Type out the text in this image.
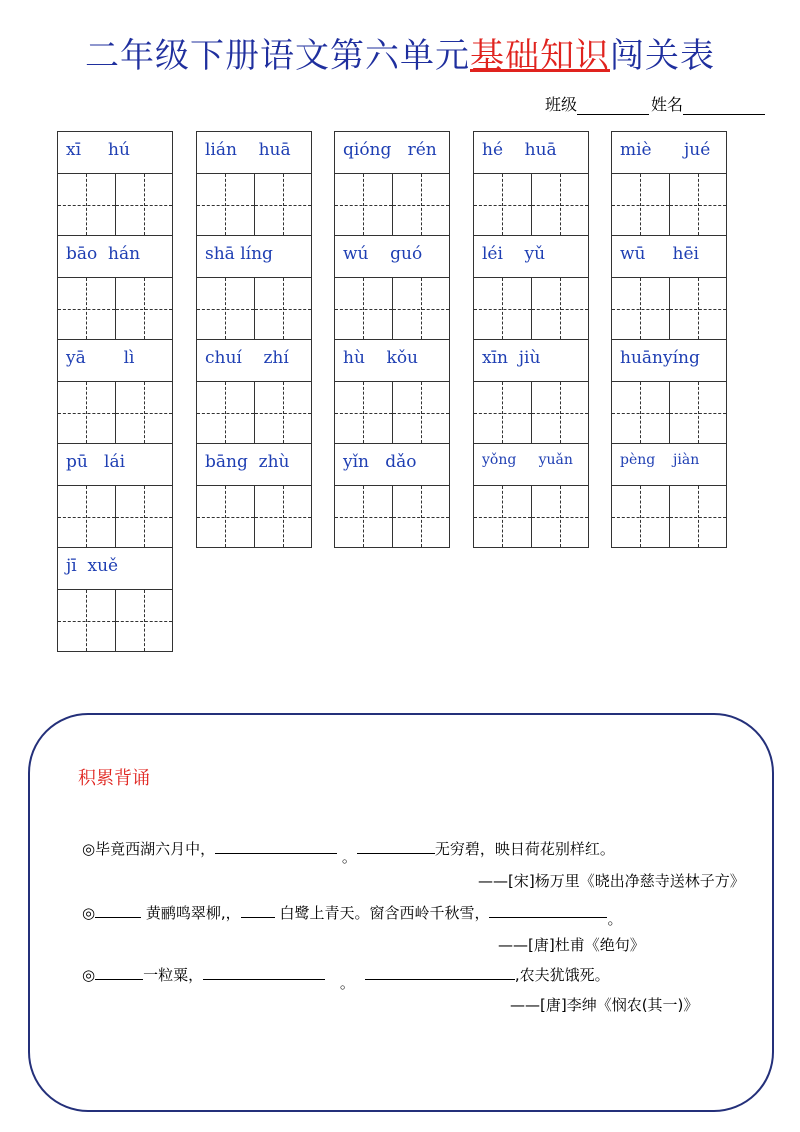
二年级下册语文第六单元基础知识闯关表
班级	姓名
xī     hú
bāo  hán
yā       lì
pū   lái
jī  xuě
lián    huā
shā líng
chuí    zhí
bāng  zhù
qióng   rén
wú    guó
hù    kǒu
yǐn   dǎo
hé    huā
léi    yǔ
xīn  jiù
yǒng     yuǎn
miè      jué
wū     hēi
huānyíng
pèng    jiàn
积累背诵
◎毕竟西湖六月中，	。	无穷碧，映日荷花别样红。
——[宋]杨万里《晓出净慈寺送林子方》
◎	黄鹂鸣翠柳,，	白鹭上青天。窗含西岭千秋雪，	。
——[唐]杜甫《绝句》
◎	一粒粟，	。	,农夫犹饿死。
——[唐]李绅《悯农(其一)》
